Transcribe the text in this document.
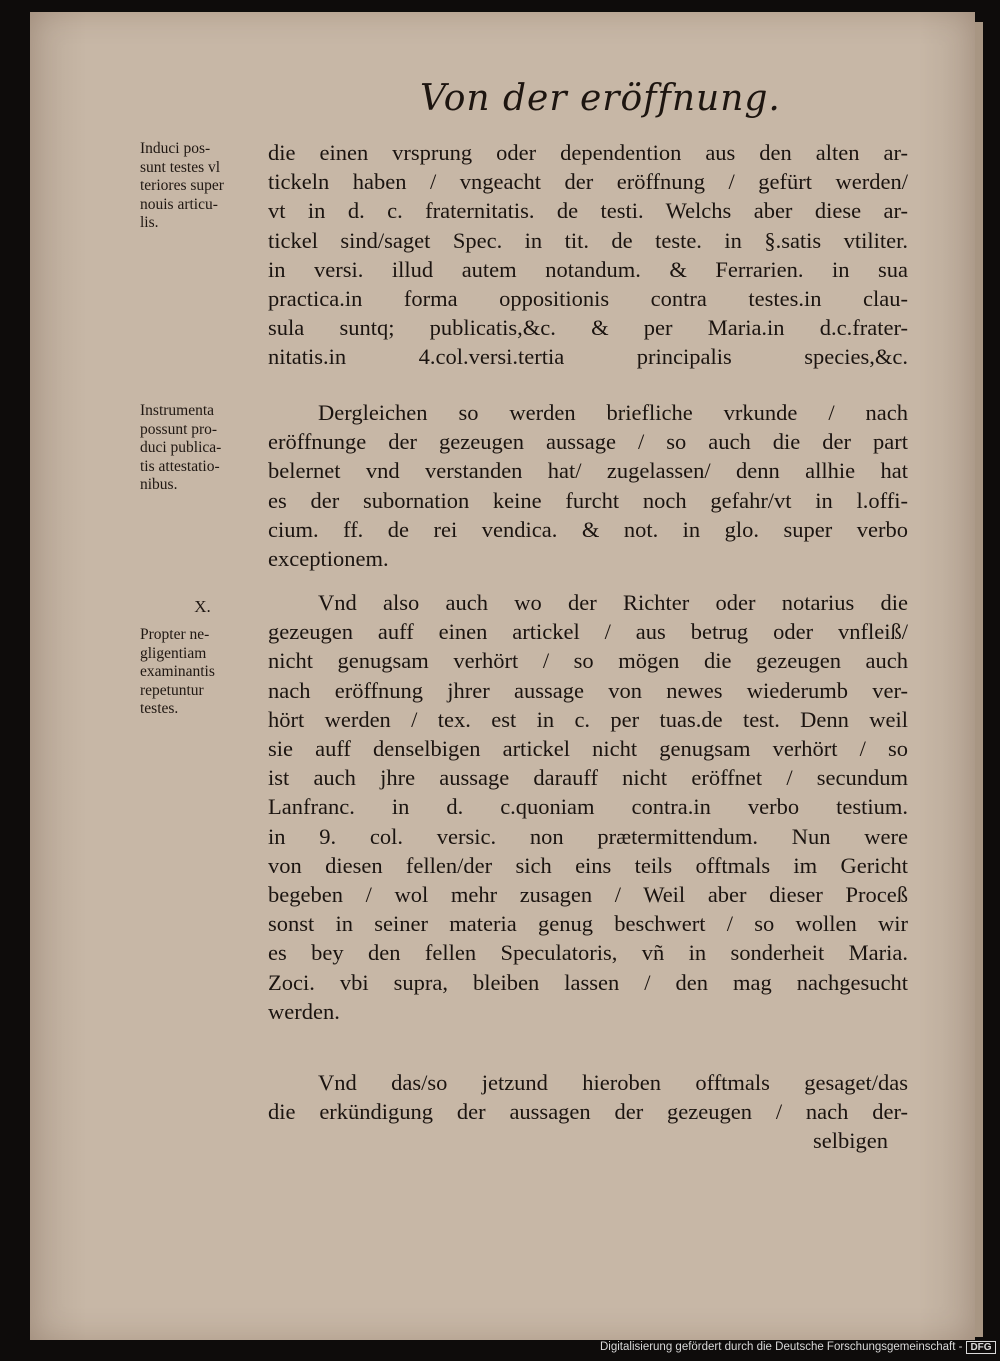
Von der eröffnung.
Induci pos-
sunt testes vl
teriores super
nouis articu-
lis.
Instrumenta
possunt pro-
duci publica-
tis attestatio-
nibus.
X.
Propter ne-
gligentiam
examinantis
repetuntur
testes.
die einen vrsprung oder dependention aus den alten ar-
tickeln haben / vngeacht der eröffnung / gefürt werden/
vt in d. c. fraternitatis. de testi. Welchs aber diese ar-
tickel sind/saget Spec. in tit. de teste. in §.satis vtiliter.
in versi. illud autem notandum. & Ferrarien. in sua
practica.in forma oppositionis contra testes.in clau-
sula suntq; publicatis,&c. & per Maria.in d.c.frater-
nitatis.in 4.col.versi.tertia principalis species,&c.
Dergleichen so werden briefliche vrkunde / nach
eröffnunge der gezeugen aussage / so auch die der part
belernet vnd verstanden hat/ zugelassen/ denn allhie hat
es der subornation keine furcht noch gefahr/vt in l.offi-
cium. ff. de rei vendica. & not. in glo. super verbo
exceptionem.
Vnd also auch wo der Richter oder notarius die
gezeugen auff einen artickel / aus betrug oder vnfleiß/
nicht genugsam verhört / so mögen die gezeugen auch
nach eröffnung jhrer aussage von newes wiederumb ver-
hört werden / tex. est in c. per tuas.de test. Denn weil
sie auff denselbigen artickel nicht genugsam verhört / so
ist auch jhre aussage darauff nicht eröffnet / secundum
Lanfranc. in d. c.quoniam contra.in verbo testium.
in 9. col. versic. non prætermittendum. Nun were
von diesen fellen/der sich eins teils offtmals im Gericht
begeben / wol mehr zusagen / Weil aber dieser Proceß
sonst in seiner materia genug beschwert / so wollen wir
es bey den fellen Speculatoris, vñ in sonderheit Maria.
Zoci. vbi supra, bleiben lassen / den mag nachgesucht
werden.
Vnd das/so jetzund hieroben offtmals gesaget/das
die erkündigung der aussagen der gezeugen / nach der-
selbigen
Digitalisierung gefördert durch die Deutsche Forschungsgemeinschaft - DFG
